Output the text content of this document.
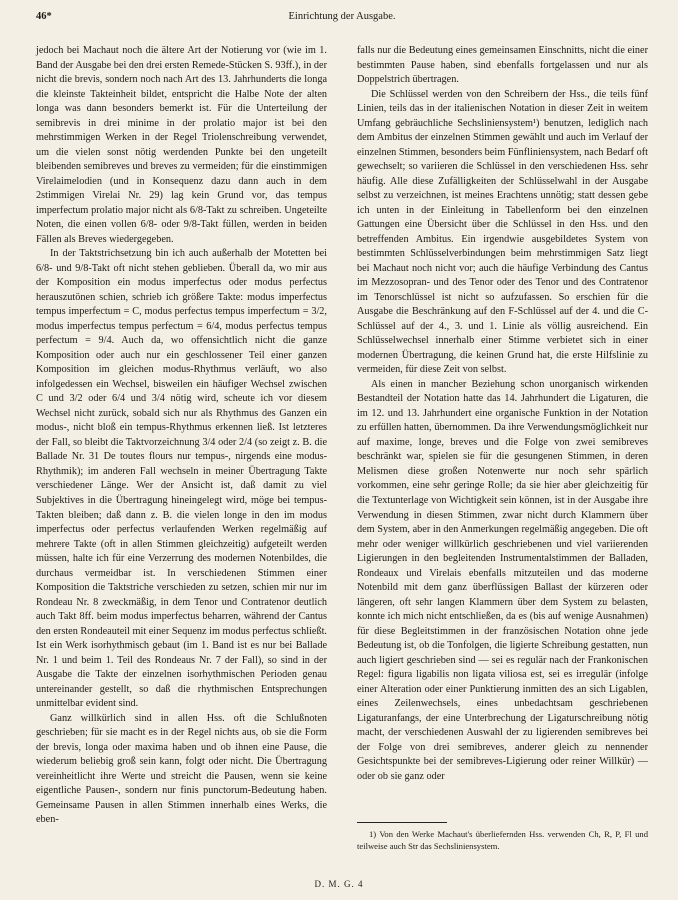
46*	Einrichtung der Ausgabe.

jedoch bei Machaut noch die ältere Art der Notierung vor (wie im 1. Band der Ausgabe bei den drei ersten Remede-Stücken S. 93ff.), in der nicht die brevis, sondern noch nach Art des 13. Jahrhunderts die longa die kleinste Takteinheit bildet, entspricht die Halbe Note der alten longa was dann besonders bemerkt ist. Für die Unterteilung der semibrevis in drei minime in der prolatio major ist bei den mehrstimmigen Werken in der Regel Triolenschreibung verwendet, um die vielen sonst nötig werdenden Punkte bei den ungeteilt bleibenden semibreves und breves zu vermeiden; für die einstimmigen Virelaimelodien (und in Konsequenz dazu dann auch in dem 2stimmigen Virelai Nr. 29) lag kein Grund vor, das tempus imperfectum prolatio major nicht als 6/8-Takt zu schreiben. Ungeteilte Noten, die einen vollen 6/8- oder 9/8-Takt füllen, werden in beiden Fällen als Breves wiedergegeben.

In der Taktstrichsetzung bin ich auch außerhalb der Motetten bei 6/8- und 9/8-Takt oft nicht stehen geblieben. Überall da, wo mir aus der Komposition ein modus imperfectus oder modus perfectus herauszutönen schien, schrieb ich größere Takte: modus imperfectus tempus imperfectum = C, modus perfectus tempus imperfectum = 3/2, modus imperfectus tempus perfectum = 6/4, modus perfectus tempus perfectum = 9/4. Auch da, wo offensichtlich nicht die ganze Komposition oder auch nur ein geschlossener Teil einer ganzen Komposition im gleichen modus-Rhythmus verläuft, wo also infolgedessen ein Wechsel, bisweilen ein häufiger Wechsel zwischen C und 3/2 oder 6/4 und 3/4 nötig wird, scheute ich vor diesem Wechsel nicht zurück, sobald sich nur als Rhythmus des Ganzen ein modus-, nicht bloß ein tempus-Rhythmus erkennen ließ. Ist letzteres der Fall, so bleibt die Taktvorzeichnung 3/4 oder 2/4 (so zeigt z. B. die Ballade Nr. 31 De toutes flours nur tempus-, nirgends eine modus-Rhythmik); im anderen Fall wechseln in meiner Übertragung Takte verschiedener Länge. Wer der Ansicht ist, daß damit zu viel Subjektives in die Übertragung hineingelegt wird, möge bei tempus-Takten bleiben; daß dann z. B. die vielen longe in den im modus imperfectus oder perfectus verlaufenden Werken regelmäßig auf mehrere Takte (oft in allen Stimmen gleichzeitig) aufgeteilt werden müssen, halte ich für eine Verzerrung des modernen Notenbildes, die durchaus vermeidbar ist. In verschiedenen Stimmen einer Komposition die Taktstriche verschieden zu setzen, schien mir nur im Rondeau Nr. 8 zweckmäßig, in dem Tenor und Contratenor deutlich auch Takt 8ff. beim modus imperfectus beharren, während der Cantus den ersten Rondeauteil mit einer Sequenz im modus perfectus schließt. Ist ein Werk isorhythmisch gebaut (im 1. Band ist es nur bei Ballade Nr. 1 und beim 1. Teil des Rondeaus Nr. 7 der Fall), so sind in der Ausgabe die Takte der einzelnen isorhythmischen Perioden genau untereinander gestellt, so daß die rhythmischen Entsprechungen unmittelbar evident sind.

Ganz willkürlich sind in allen Hss. oft die Schlußnoten geschrieben; für sie macht es in der Regel nichts aus, ob sie die Form der brevis, longa oder maxima haben und ob ihnen eine Pause, die wiederum beliebig groß sein kann, folgt oder nicht. Die Übertragung vereinheitlicht ihre Werte und streicht die Pausen, wenn sie keine eigentliche Pausen-, sondern nur finis punctorum-Bedeutung haben. Gemeinsame Pausen in allen Stimmen innerhalb eines Werks, die eben-

falls nur die Bedeutung eines gemeinsamen Einschnitts, nicht die einer bestimmten Pause haben, sind ebenfalls fortgelassen und nur als Doppelstrich übertragen.

Die Schlüssel werden von den Schreibern der Hss., die teils fünf Linien, teils das in der italienischen Notation in dieser Zeit in weitem Umfang gebräuchliche Sechsliniensystem¹) benutzen, lediglich nach dem Ambitus der einzelnen Stimmen gewählt und auch im Verlauf der einzelnen Stimmen, besonders beim Fünfliniensystem, nach Bedarf oft gewechselt; so variieren die Schlüssel in den verschiedenen Hss. sehr häufig. Alle diese Zufälligkeiten der Schlüsselwahl in der Ausgabe selbst zu verzeichnen, ist meines Erachtens unnötig; statt dessen gebe ich unten in der Einleitung in Tabellenform bei den einzelnen Gattungen eine Übersicht über die Schlüssel in den Hss. und den betreffenden Ambitus. Ein irgendwie ausgebildetes System von bestimmten Schlüsselverbindungen beim mehrstimmigen Satz liegt bei Machaut noch nicht vor; auch die häufige Verbindung des Cantus im Mezzosopran- und des Tenor oder des Tenor und des Contratenor im Tenorschlüssel ist nicht so aufzufassen. So erschien für die Ausgabe die Beschränkung auf den F-Schlüssel auf der 4. und die C-Schlüssel auf der 4., 3. und 1. Linie als völlig ausreichend. Ein Schlüsselwechsel innerhalb einer Stimme verbietet sich in einer modernen Übertragung, die keinen Grund hat, die erste Hilfslinie zu vermeiden, für diese Zeit von selbst.

Als einen in mancher Beziehung schon unorganisch wirkenden Bestandteil der Notation hatte das 14. Jahrhundert die Ligaturen, die im 12. und 13. Jahrhundert eine organische Funktion in der Notation zu erfüllen hatten, übernommen. Da ihre Verwendungsmöglichkeit nur auf maxime, longe, breves und die Folge von zwei semibreves beschränkt war, spielen sie für die gesungenen Stimmen, in deren Melismen diese großen Notenwerte nur noch sehr spärlich vorkommen, eine sehr geringe Rolle; da sie hier aber gleichzeitig für die Textunterlage von Wichtigkeit sein können, ist in der Ausgabe ihre Verwendung in diesen Stimmen, zwar nicht durch Klammern über dem System, aber in den Anmerkungen regelmäßig angegeben. Die oft mehr oder weniger willkürlich geschriebenen und viel variierenden Ligierungen in den begleitenden Instrumentalstimmen der Balladen, Rondeaux und Virelais ebenfalls mitzuteilen und das moderne Notenbild mit dem ganz überflüssigen Ballast der kürzeren oder längeren, oft sehr langen Klammern über dem System zu belasten, konnte ich mich nicht entschließen, da es (bis auf wenige Ausnahmen) für diese Begleitstimmen in der französischen Notation ohne jede Bedeutung ist, ob die Tonfolgen, die ligierte Schreibung gestatten, nun auch ligiert geschrieben sind — sei es regulär nach der Frankonischen Regel: figura ligabilis non ligata viliosa est, sei es irregulär (infolge einer Alteration oder einer Punktierung inmitten des an sich Ligablen, eines Zeilenwechsels, eines unbedachtsam geschriebenen Ligaturanfangs, der eine Unterbrechung der Ligaturschreibung nötig macht, der verschiedenen Auswahl der zu ligierenden semibreves bei der Folge von drei semibreves, anderer gleich zu nennender Gesichtspunkte bei der semibreves-Ligierung oder reiner Willkür) — oder ob sie ganz oder

1) Von den Werke Machaut's überliefernden Hss. verwenden Ch, R, P, Fl und teilweise auch Str das Sechsliniensystem.
D. M. G. 4
